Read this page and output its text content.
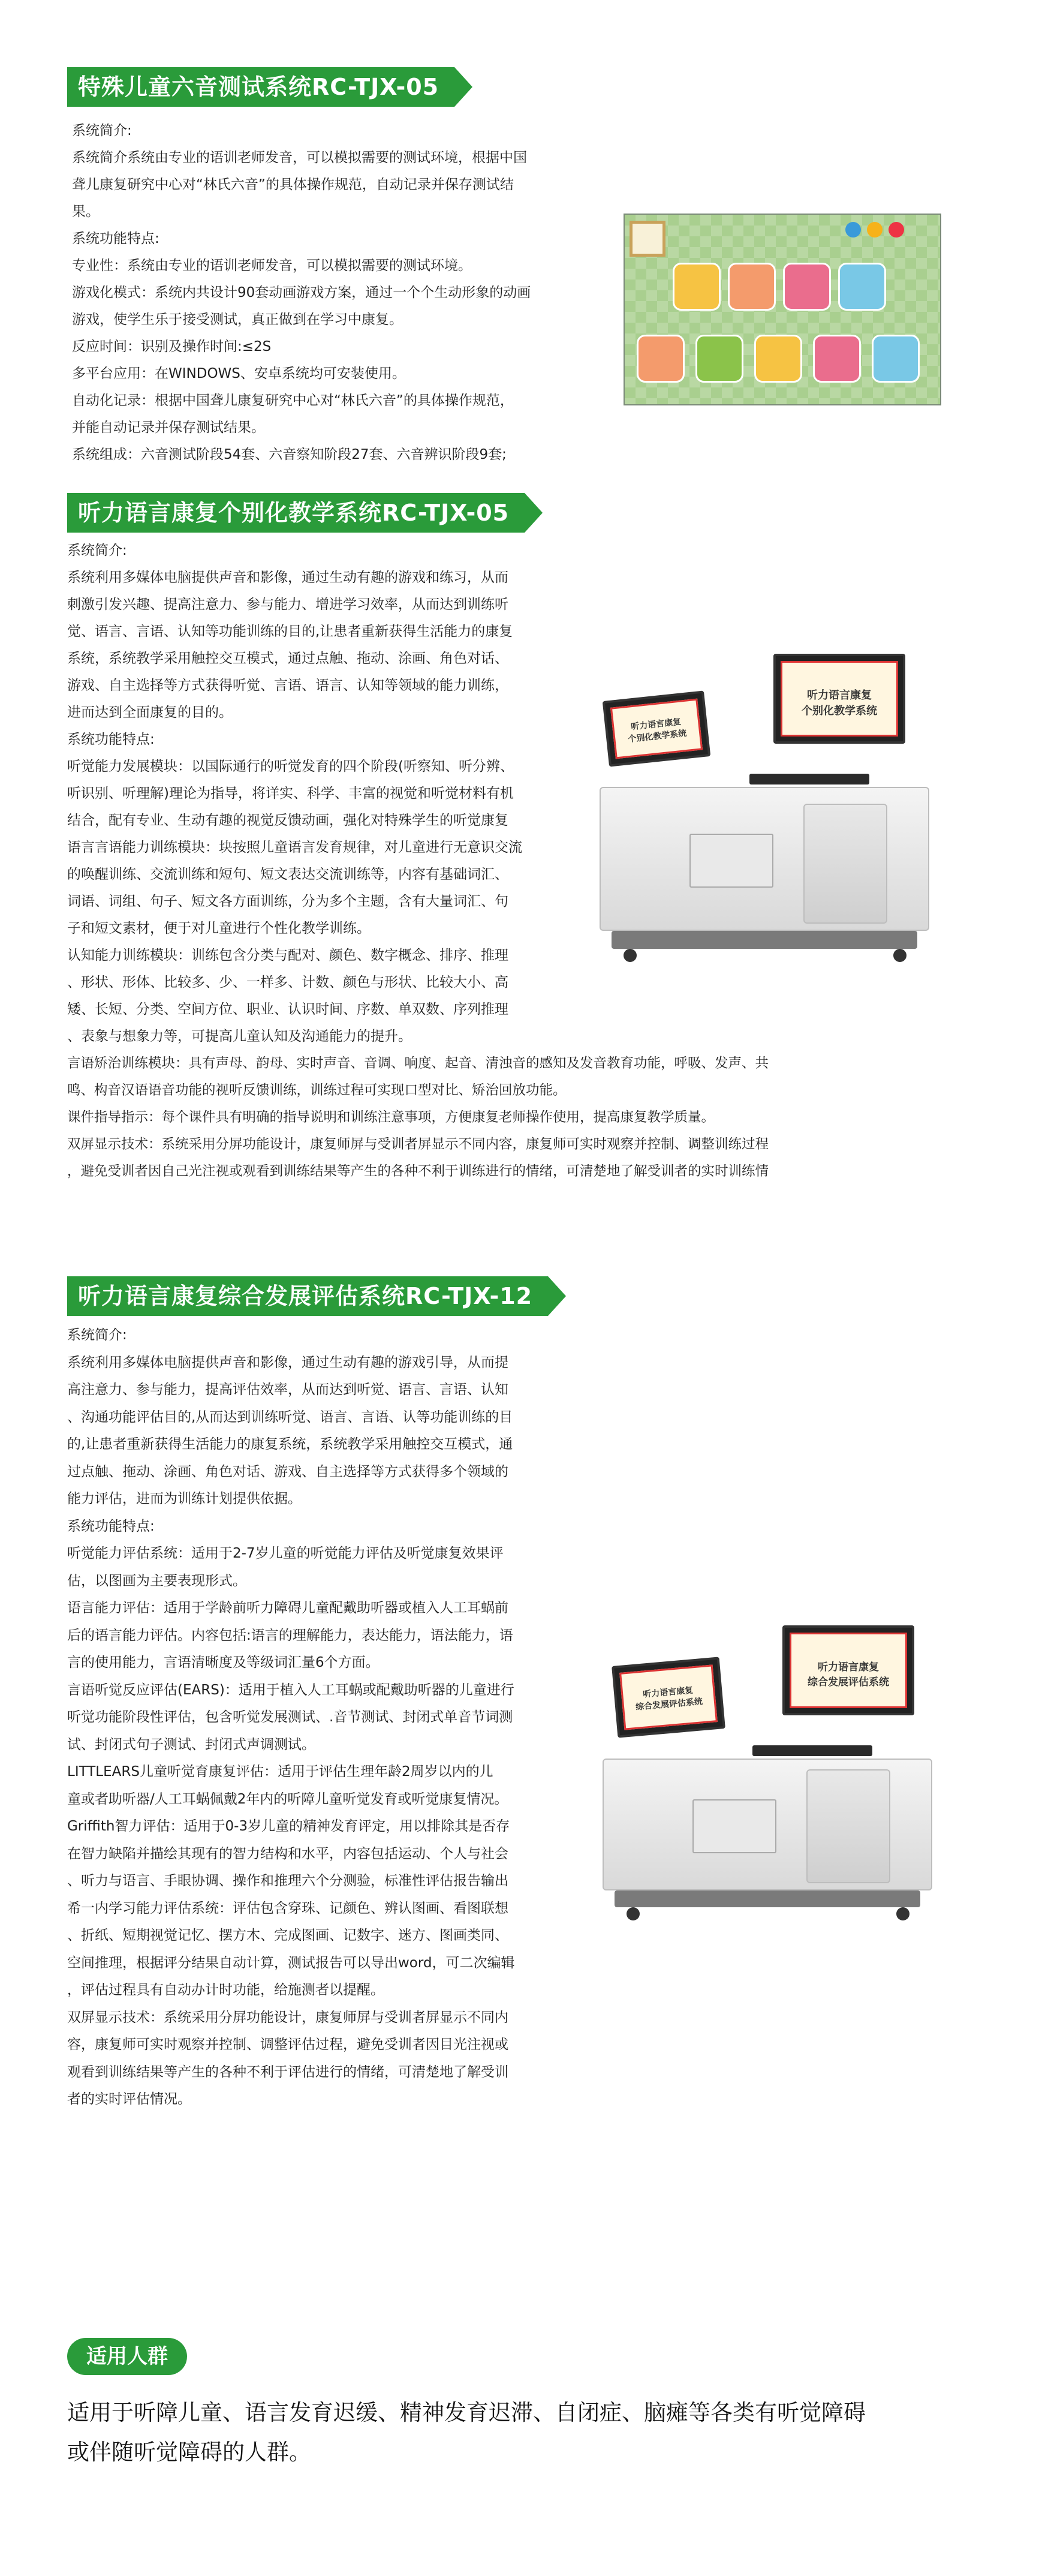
特殊儿童六音测试系统RC-TJX-05

系统简介:

系统简介系统由专业的语训老师发音，可以模拟需要的测试环境，根据中国

聋儿康复研究中心对“林氏六音”的具体操作规范，自动记录并保存测试结

果。

系统功能特点:

专业性：系统由专业的语训老师发音，可以模拟需要的测试环境。

游戏化模式：系统内共设计90套动画游戏方案，通过一个个生动形象的动画

游戏，使学生乐于接受测试，真正做到在学习中康复。

反应时间：识别及操作时间:≤2S

多平台应用：在WINDOWS、安卓系统均可安装使用。

自动化记录：根据中国聋儿康复研究中心对“林氏六音”的具体操作规范，

并能自动记录并保存测试结果。

系统组成：六音测试阶段54套、六音察知阶段27套、六音辨识阶段9套;

听力语言康复个别化教学系统RC-TJX-05

系统简介:

系统利用多媒体电脑提供声音和影像，通过生动有趣的游戏和练习，从而

刺激引发兴趣、提高注意力、参与能力、增进学习效率，从而达到训练听

觉、语言、言语、认知等功能训练的目的,让患者重新获得生活能力的康复

系统，系统教学采用触控交互模式，通过点触、拖动、涂画、角色对话、

游戏、自主选择等方式获得听觉、言语、语言、认知等领域的能力训练，

进而达到全面康复的目的。

系统功能特点:

听觉能力发展模块：以国际通行的听觉发育的四个阶段(听察知、听分辨、

听识别、听理解)理论为指导，将详实、科学、丰富的视觉和听觉材料有机

结合，配有专业、生动有趣的视觉反馈动画，强化对特殊学生的听觉康复

语言言语能力训练模块：块按照儿童语言发育规律，对儿童进行无意识交流

的唤醒训练、交流训练和短句、短文表达交流训练等，内容有基础词汇、

词语、词组、句子、短文各方面训练，分为多个主题，含有大量词汇、句

子和短文素材，便于对儿童进行个性化教学训练。

认知能力训练模块：训练包含分类与配对、颜色、数字概念、排序、推理

、形状、形体、比较多、少、一样多、计数、颜色与形状、比较大小、高

矮、长短、分类、空间方位、职业、认识时间、序数、单双数、序列推理

、表象与想象力等，可提高儿童认知及沟通能力的提升。

言语矫治训练模块：具有声母、韵母、实时声音、音调、响度、起音、清浊音的感知及发音教育功能，呼吸、发声、共

鸣、构音汉语语音功能的视听反馈训练，训练过程可实现口型对比、矫治回放功能。

课件指导指示：每个课件具有明确的指导说明和训练注意事项，方便康复老师操作使用，提高康复教学质量。

双屏显示技术：系统采用分屏功能设计，康复师屏与受训者屏显示不同内容，康复师可实时观察并控制、调整训练过程

，避免受训者因自己光注视或观看到训练结果等产生的各种不利于训练进行的情绪，可清楚地了解受训者的实时训练情

听力语言康复
个别化教学系统
听力语言康复
个别化教学系统
听力语言康复综合发展评估系统RC-TJX-12

系统简介:

系统利用多媒体电脑提供声音和影像，通过生动有趣的游戏引导，从而提

高注意力、参与能力，提高评估效率，从而达到听觉、语言、言语、认知

、沟通功能评估目的,从而达到训练听觉、语言、言语、认等功能训练的目

的,让患者重新获得生活能力的康复系统，系统教学采用触控交互模式，通

过点触、拖动、涂画、角色对话、游戏、自主选择等方式获得多个领域的

能力评估，进而为训练计划提供依据。

系统功能特点:

听觉能力评估系统：适用于2-7岁儿童的听觉能力评估及听觉康复效果评

估，以图画为主要表现形式。

语言能力评估：适用于学龄前听力障碍儿童配戴助听器或植入人工耳蜗前

后的语言能力评估。内容包括:语言的理解能力，表达能力，语法能力，语

言的使用能力，言语清晰度及等级词汇量6个方面。

言语听觉反应评估(EARS)：适用于植入人工耳蜗或配戴助听器的儿童进行

听觉功能阶段性评估，包含听觉发展测试、.音节测试、封闭式单音节词测

试、封闭式句子测试、封闭式声调测试。

LITTLEARS儿童听觉育康复评估：适用于评估生理年龄2周岁以内的儿

童或者助听器/人工耳蜗佩戴2年内的听障儿童听觉发育或听觉康复情况。

Griffith智力评估：适用于0-3岁儿童的精神发育评定，用以排除其是否存

在智力缺陷并描绘其现有的智力结构和水平，内容包括运动、个人与社会

、听力与语言、手眼协调、操作和推理六个分测验，标准性评估报告输出

希一内学习能力评估系统：评估包含穿珠、记颜色、辨认图画、看图联想

、折纸、短期视觉记忆、摆方木、完成图画、记数字、迷方、图画类同、

空间推理，根据评分结果自动计算，测试报告可以导出word，可二次编辑

，评估过程具有自动办计时功能，给施测者以提醒。

双屏显示技术：系统采用分屏功能设计，康复师屏与受训者屏显示不同内

容，康复师可实时观察并控制、调整评估过程，避免受训者因目光注视或

观看到训练结果等产生的各种不利于评估进行的情绪，可清楚地了解受训

者的实时评估情况。

听力语言康复
综合发展评估系统
听力语言康复
综合发展评估系统
适用人群

适用于听障儿童、语言发育迟缓、精神发育迟滞、自闭症、脑瘫等各类有听觉障碍

或伴随听觉障碍的人群。
